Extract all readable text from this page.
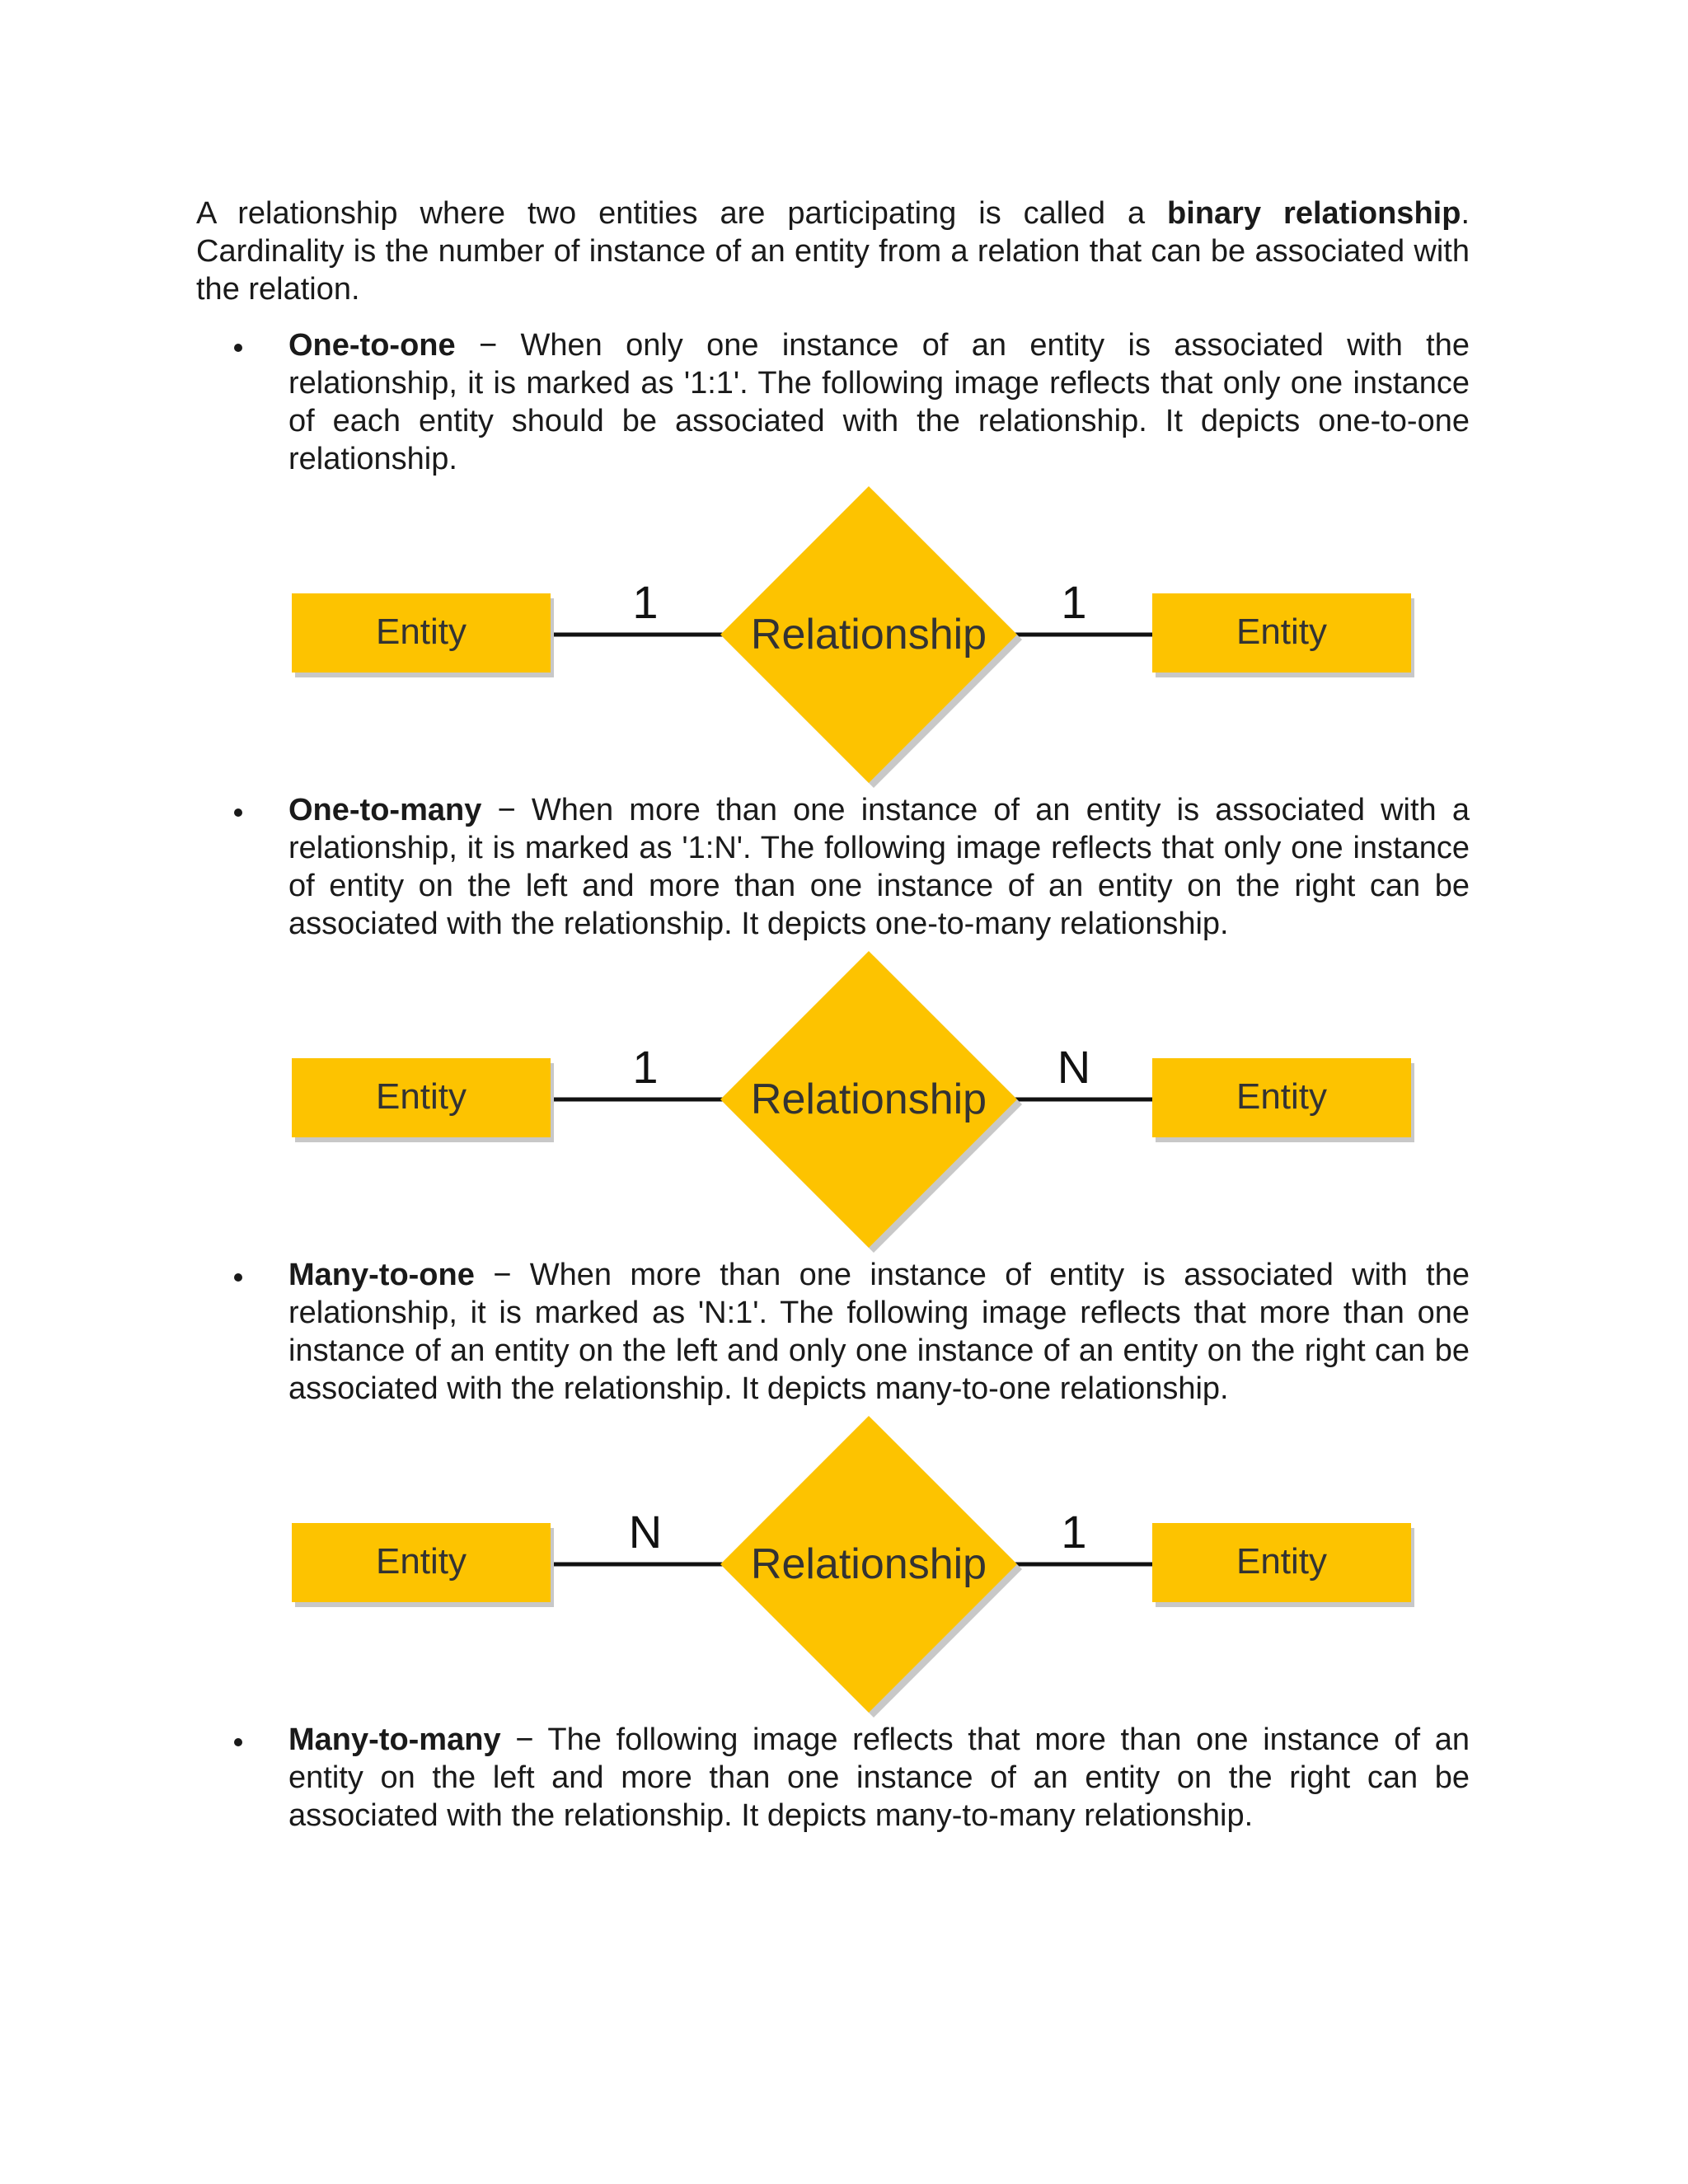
A relationship where two entities are participating is called a binary relationship. Cardinality is the number of instance of an entity from a relation that can be associated with the relation.

One-to-one − When only one instance of an entity is associated with the relationship, it is marked as '1:1'. The following image reflects that only one instance of each entity should be associated with the relationship. It depicts one-to-one relationship.
Entity	Entity
Relationship
1	1
One-to-many − When more than one instance of an entity is associated with a relationship, it is marked as '1:N'. The following image reflects that only one instance of entity on the left and more than one instance of an entity on the right can be associated with the relationship. It depicts one-to-many relationship.
Entity	Entity
Relationship
1	N
Many-to-one − When more than one instance of entity is associated with the relationship, it is marked as 'N:1'. The following image reflects that more than one instance of an entity on the left and only one instance of an entity on the right can be associated with the relationship. It depicts many-to-one relationship.
Entity	Entity
Relationship
N	1
Many-to-many − The following image reflects that more than one instance of an entity on the left and more than one instance of an entity on the right can be associated with the relationship. It depicts many-to-many relationship.
